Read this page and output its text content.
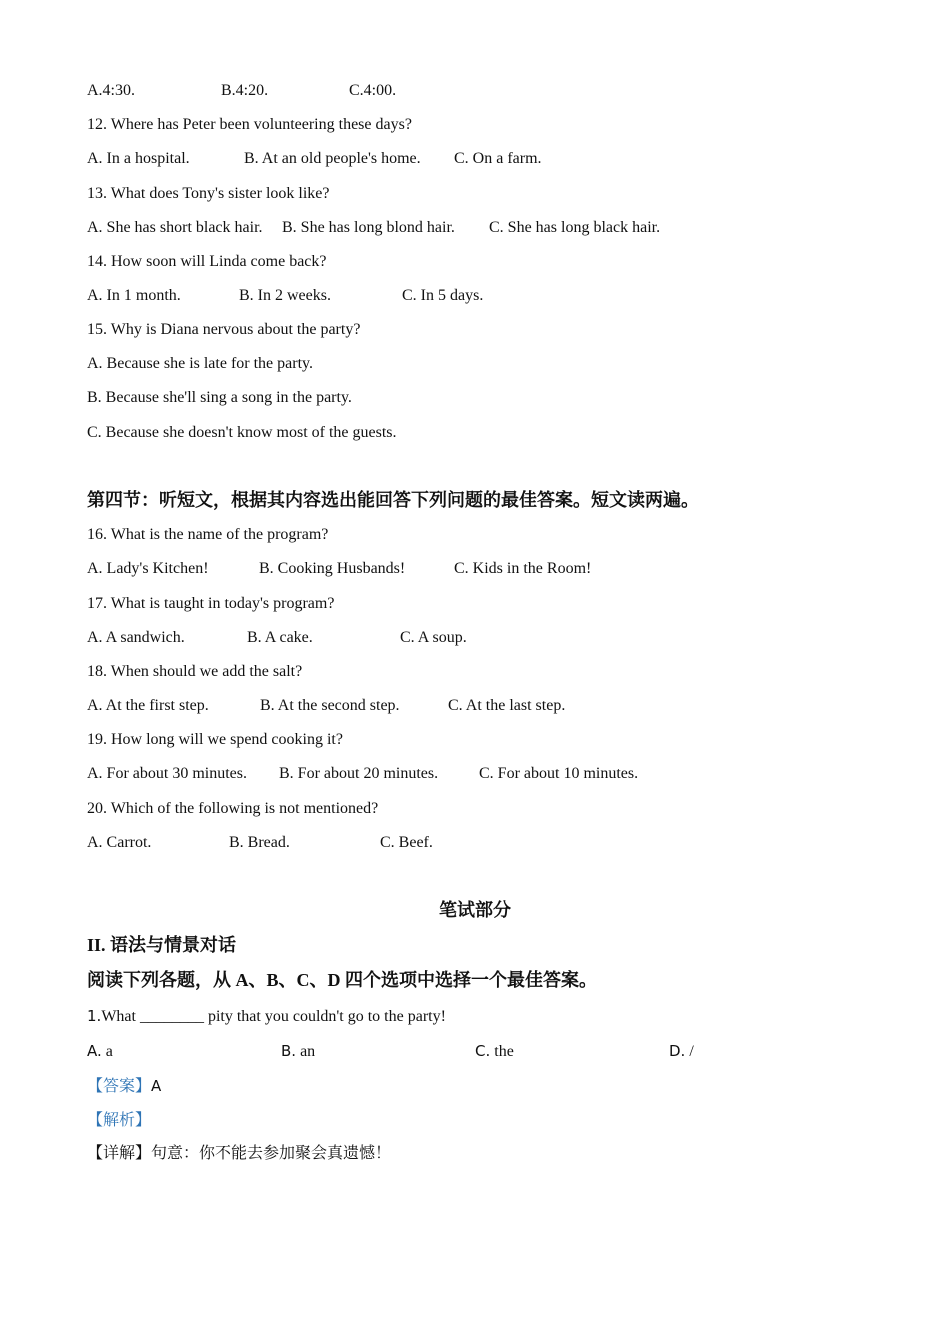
A.4:30.	B.4:20.	C.4:00.
12. Where has Peter been volunteering these days?
A. In a hospital.	B. At an old people's home. C. On a farm.
13. What does Tony's sister look like?
A. She has short black hair. B. She has long blond hair. C. She has long black hair.
14. How soon will Linda come back?
A. In 1 month.	B. In 2 weeks.	C. In 5 days.
15. Why is Diana nervous about the party?
A. Because she is late for the party.
B. Because she'll sing a song in the party.
C. Because she doesn't know most of the guests.
第四节：听短文，根据其内容选出能回答下列问题的最佳答案。短文读两遍。
16. What is the name of the program?
A. Lady's Kitchen!	B. Cooking Husbands!	C. Kids in the Room!
17. What is taught in today's program?
A. A sandwich.	B. A cake.	C. A soup.
18. When should we add the salt?
A. At the first step.	B. At the second step.	C. At the last step.
19. How long will we spend cooking it?
A. For about 30 minutes. B. For about 20 minutes.	C. For about 10 minutes.
20. Which of the following is not mentioned?
A. Carrot.	B. Bread.	C. Beef.
笔试部分
II. 语法与情景对话
阅读下列各题，从 A、B、C、D 四个选项中选择一个最佳答案。
1.What ________ pity that you couldn't go to the party!
A. a	B. an	C. the	D. /
【答案】A
【解析】
【详解】句意：你不能去参加聚会真遗憾！
